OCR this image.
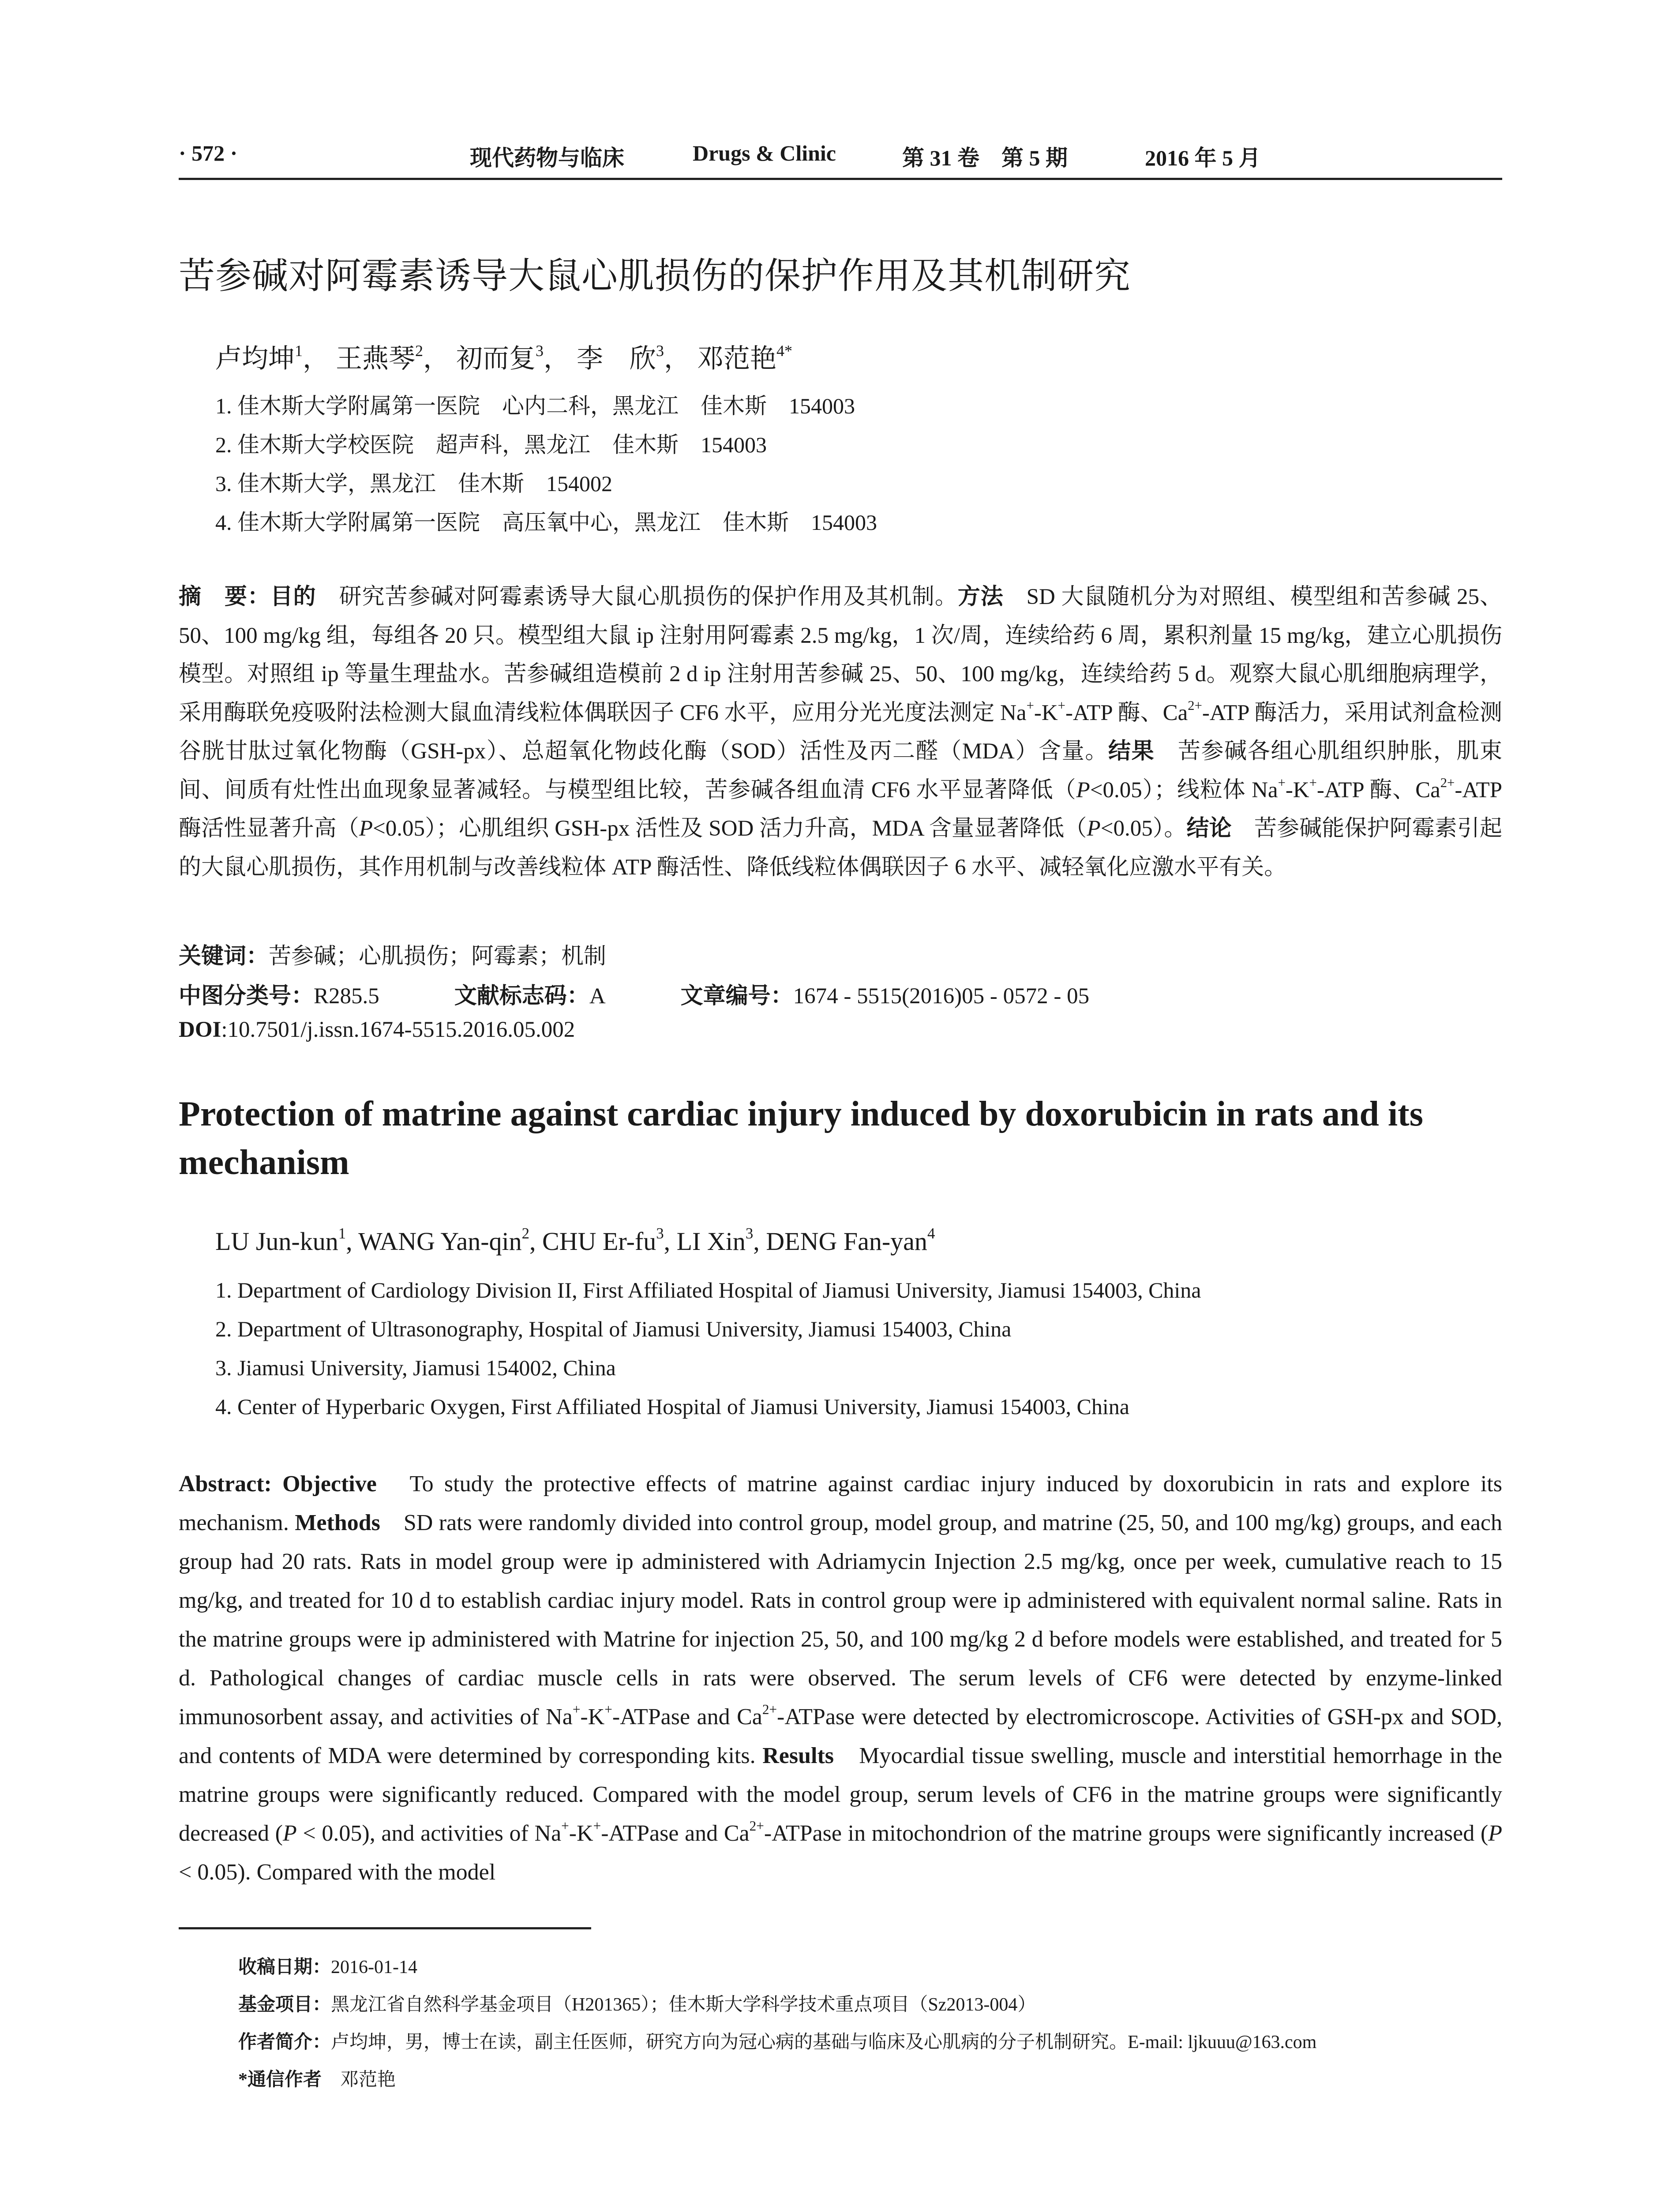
· 572 ·	现代药物与临床	Drugs & Clinic	第 31 卷　第 5 期	2016 年 5 月
苦参碱对阿霉素诱导大鼠心肌损伤的保护作用及其机制研究

卢均坤$^1$， 王燕琴$^2$， 初而复$^3$， 李　欣$^3$， 邓范艳$^{4*}$

1. 佳木斯大学附属第一医院　心内二科，黑龙江　佳木斯　154003

2. 佳木斯大学校医院　超声科，黑龙江　佳木斯　154003

3. 佳木斯大学，黑龙江　佳木斯　154002

4. 佳木斯大学附属第一医院　高压氧中心，黑龙江　佳木斯　154003

摘　要：目的　研究苦参碱对阿霉素诱导大鼠心肌损伤的保护作用及其机制。方法　SD 大鼠随机分为对照组、模型组和苦参碱 25、50、100 mg/kg 组，每组各 20 只。模型组大鼠 ip 注射用阿霉素 2.5 mg/kg，1 次/周，连续给药 6 周，累积剂量 15 mg/kg，建立心肌损伤模型。对照组 ip 等量生理盐水。苦参碱组造模前 2 d ip 注射用苦参碱 25、50、100 mg/kg，连续给药 5 d。观察大鼠心肌细胞病理学，采用酶联免疫吸附法检测大鼠血清线粒体偶联因子 CF6 水平，应用分光光度法测定 Na+-K+-ATP 酶、$Ca^{2+}$-ATP 酶活力，采用试剂盒检测谷胱甘肽过氧化物酶（GSH-px）、总超氧化物歧化酶（SOD）活性及丙二醛（MDA）含量。结果　苦参碱各组心肌组织肿胀，肌束间、间质有灶性出血现象显著减轻。与模型组比较，苦参碱各组血清 CF6 水平显著降低（P<0.05）；线粒体 Na+-K+-ATP 酶、$Ca^{2+}$-ATP 酶活性显著升高（P<0.05）；心肌组织 GSH-px 活性及 SOD 活力升高，MDA 含量显著降低（P<0.05）。结论　苦参碱能保护阿霉素引起的大鼠心肌损伤，其作用机制与改善线粒体 ATP 酶活性、降低线粒体偶联因子 6 水平、减轻氧化应激水平有关。

关键词：苦参碱；心肌损伤；阿霉素；机制

中图分类号：R285.5	文献标志码：A	文章编号：1674 - 5515(2016)05 - 0572 - 05

DOI:10.7501/j.issn.1674-5515.2016.05.002

Protection of matrine against cardiac injury induced by doxorubicin in rats and its mechanism

LU Jun-kun$^1$, WANG Yan-qin$^2$, CHU $Er-fu^3$, LI Xin$^3$, DENG Fan-yan$^4$

1. Department of Cardiology Division II, First Affiliated Hospital of Jiamusi University, Jiamusi 154003, China

2. Department of Ultrasonography, Hospital of Jiamusi University, Jiamusi 154003, China

3. Jiamusi University, Jiamusi 154002, China

4. Center of Hyperbaric Oxygen, First Affiliated Hospital of Jiamusi University, Jiamusi 154003, China

Abstract: Objective　To study the protective effects of matrine against cardiac injury induced by doxorubicin in rats and explore its mechanism. Methods　SD rats were randomly divided into control group, model group, and matrine (25, 50, and 100 mg/kg) groups, and each group had 20 rats. Rats in model group were ip administered with Adriamycin Injection 2.5 mg/kg, once per week, cumulative reach to 15 mg/kg, and treated for 10 d to establish cardiac injury model. Rats in control group were ip administered with equivalent normal saline. Rats in the matrine groups were ip administered with Matrine for injection 25, 50, and 100 mg/kg 2 d before models were established, and treated for 5 d. Pathological changes of cardiac muscle cells in rats were observed. The serum levels of CF6 were detected by enzyme-linked immunosorbent assay, and activities of Na+-K+-ATPase and $Ca^{2+}$-ATPase were detected by electromicroscope. Activities of GSH-px and SOD, and contents of MDA were determined by corresponding kits. Results　Myocardial tissue swelling, muscle and interstitial hemorrhage in the matrine groups were significantly reduced. Compared with the model group, serum levels of CF6 in the matrine groups were significantly decreased (P < 0.05), and activities of Na+-K+-ATPase and $Ca^{2+}$-ATPase in mitochondrion of the matrine groups were significantly increased (P < 0.05). Compared with the model

收稿日期：2016-01-14

基金项目：黑龙江省自然科学基金项目（H201365）；佳木斯大学科学技术重点项目（Sz2013-004）

作者简介：卢均坤，男，博士在读，副主任医师，研究方向为冠心病的基础与临床及心肌病的分子机制研究。E-mail: ljkuuu@163.com

*通信作者　邓范艳
